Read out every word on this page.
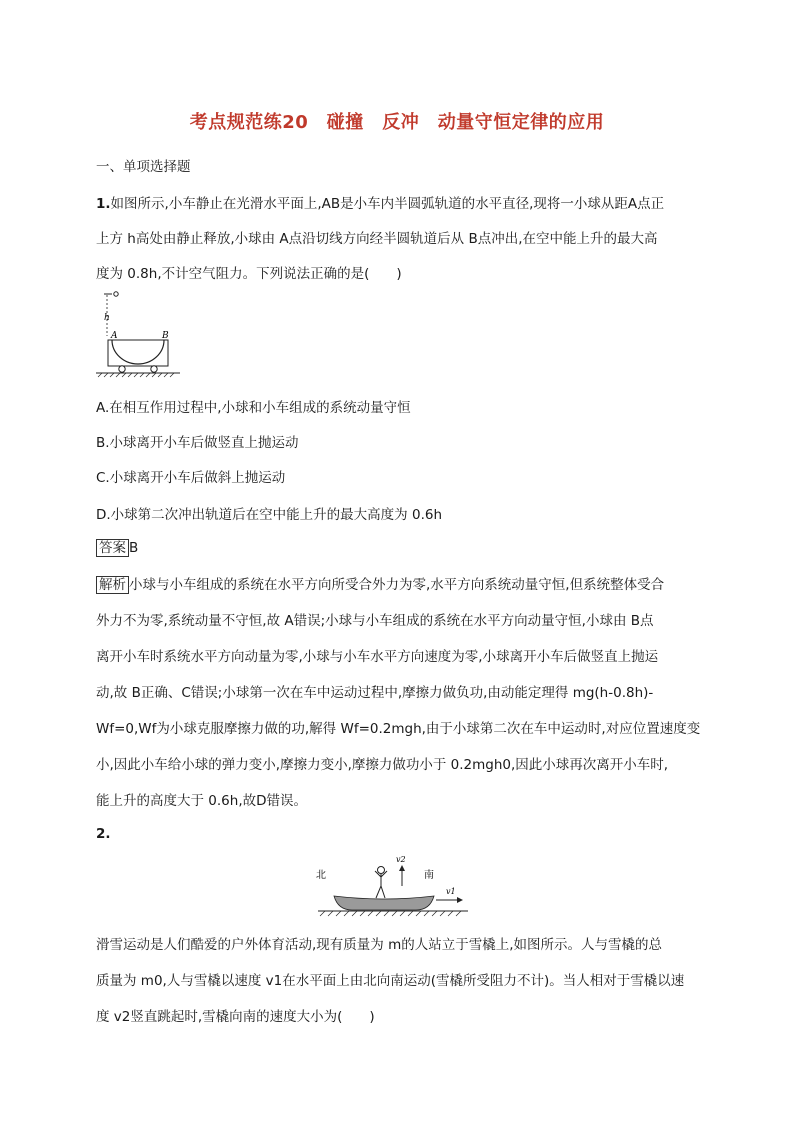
考点规范练20　碰撞　反冲　动量守恒定律的应用
一、单项选择题
1.如图所示,小车静止在光滑水平面上,AB是小车内半圆弧轨道的水平直径,现将一小球从距A点正
上方 h高处由静止释放,小球由 A点沿切线方向经半圆轨道后从 B点冲出,在空中能上升的最大高
度为 0.8h,不计空气阻力。下列说法正确的是(　　)
h
A	B
A.在相互作用过程中,小球和小车组成的系统动量守恒
B.小球离开小车后做竖直上抛运动
C.小球离开小车后做斜上抛运动
D.小球第二次冲出轨道后在空中能上升的最大高度为 0.6h
答案 B
解析 小球与小车组成的系统在水平方向所受合外力为零,水平方向系统动量守恒,但系统整体受合
外力不为零,系统动量不守恒,故 A错误;小球与小车组成的系统在水平方向动量守恒,小球由 B点
离开小车时系统水平方向动量为零,小球与小车水平方向速度为零,小球离开小车后做竖直上抛运
动,故 B正确、C错误;小球第一次在车中运动过程中,摩擦力做负功,由动能定理得 mg(h-0.8h)-
Wf=0,Wf为小球克服摩擦力做的功,解得 Wf=0.2mgh,由于小球第二次在车中运动时,对应位置速度变
小,因此小车给小球的弹力变小,摩擦力变小,摩擦力做功小于 0.2mgh0,因此小球再次离开小车时,
能上升的高度大于 0.6h,故D错误。
2.
北	南
v2
v1
滑雪运动是人们酷爱的户外体育活动,现有质量为 m的人站立于雪橇上,如图所示。人与雪橇的总
质量为 m0,人与雪橇以速度 v1在水平面上由北向南运动(雪橇所受阻力不计)。当人相对于雪橇以速
度 v2竖直跳起时,雪橇向南的速度大小为(　　)
